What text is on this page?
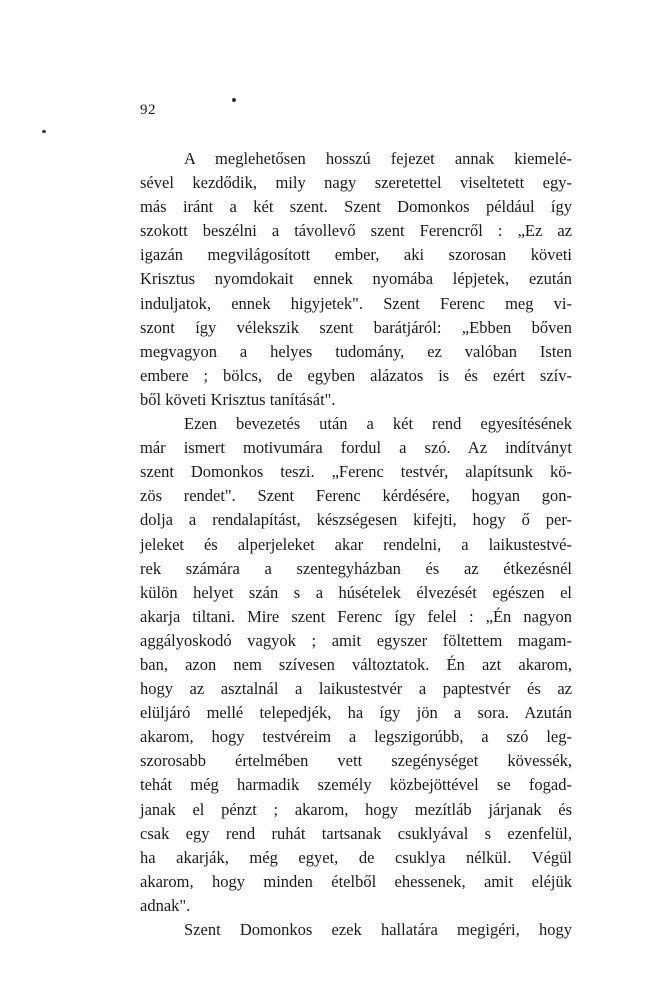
92
A meglehetősen hosszú fejezet annak kiemelé-
sével kezdődik, mily nagy szeretettel viseltetett egy-
más iránt a két szent. Szent Domonkos például így
szokott beszélni a távollevő szent Ferencről : „Ez az
igazán megvilágosított ember, aki szorosan követi
Krisztus nyomdokait ennek nyomába lépjetek, ezután
induljatok, ennek higyjetek". Szent Ferenc meg vi-
szont így vélekszik szent barátjáról: „Ebben bőven
megvagyon a helyes tudomány, ez valóban Isten
embere ; bölcs, de egyben alázatos is és ezért szív-
ből követi Krisztus tanítását".
Ezen bevezetés után a két rend egyesítésének
már ismert motivumára fordul a szó. Az indítványt
szent Domonkos teszi. „Ferenc testvér, alapítsunk kö-
zös rendet". Szent Ferenc kérdésére, hogyan gon-
dolja a rendalapítást, készségesen kifejti, hogy ő per-
jeleket és alperjeleket akar rendelni, a laikustestvé-
rek számára a szentegyházban és az étkezésnél
külön helyet szán s a húsételek élvezését egészen el
akarja tiltani. Mire szent Ferenc így felel : „Én nagyon
aggályoskodó vagyok ; amit egyszer föltettem magam-
ban, azon nem szívesen változtatok. Én azt akarom,
hogy az asztalnál a laikustestvér a paptestvér és az
elüljáró mellé telepedjék, ha így jön a sora. Azután
akarom, hogy testvéreim a legszigorúbb, a szó leg-
szorosabb értelmében vett szegénységet kövessék,
tehát még harmadik személy közbejöttével se fogad-
janak el pénzt ; akarom, hogy mezítláb járjanak és
csak egy rend ruhát tartsanak csuklyával s ezenfelül,
ha akarják, még egyet, de csuklya nélkül. Végül
akarom, hogy minden ételből ehessenek, amit eléjük
adnak".
Szent Domonkos ezek hallatára megigéri, hogy
